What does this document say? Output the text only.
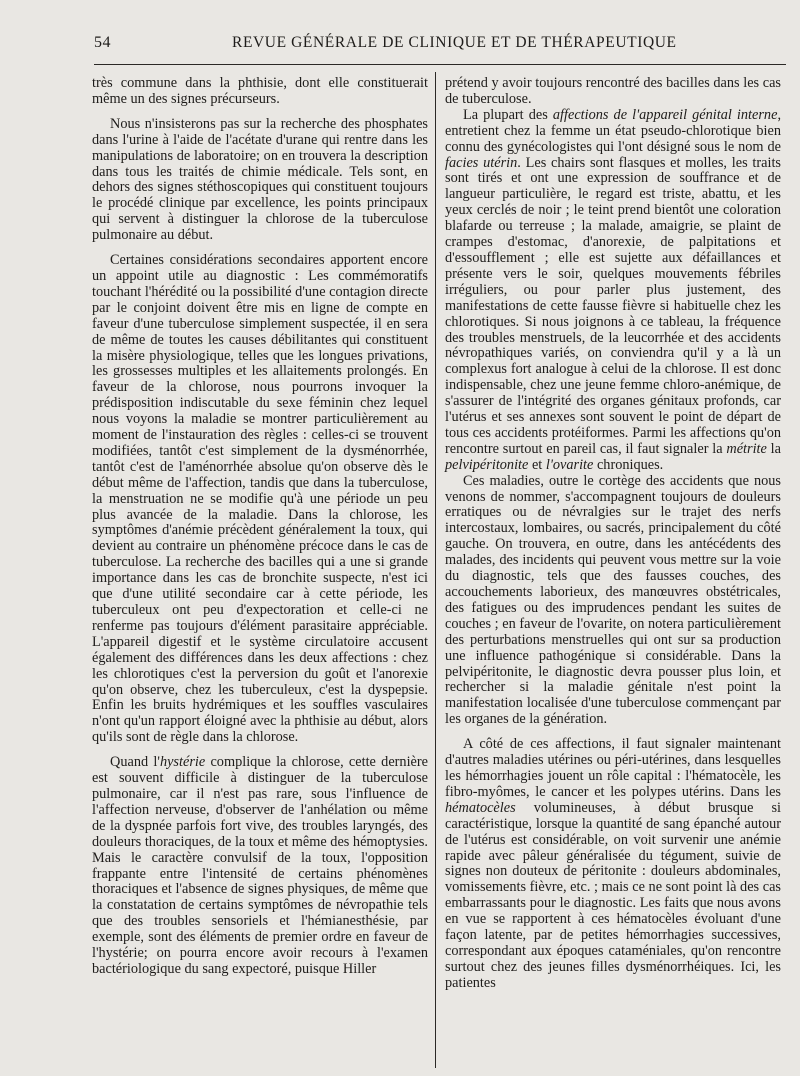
54	REVUE GÉNÉRALE DE CLINIQUE ET DE THÉRAPEUTIQUE

très commune dans la phthisie, dont elle constituerait même un des signes précurseurs.

Nous n'insisterons pas sur la recherche des phosphates dans l'urine à l'aide de l'acétate d'urane qui rentre dans les manipulations de laboratoire; on en trouvera la description dans tous les traités de chimie médicale. Tels sont, en dehors des signes stéthoscopiques qui constituent toujours le procédé clinique par excellence, les points principaux qui servent à distinguer la chlorose de la tuberculose pulmonaire au début.

Certaines considérations secondaires apportent encore un appoint utile au diagnostic : Les commémoratifs touchant l'hérédité ou la possibilité d'une contagion directe par le conjoint doivent être mis en ligne de compte en faveur d'une tuberculose simplement suspectée, il en sera de même de toutes les causes débilitantes qui constituent la misère physiologique, telles que les longues privations, les grossesses multiples et les allaitements prolongés. En faveur de la chlorose, nous pourrons invoquer la prédisposition indiscutable du sexe féminin chez lequel nous voyons la maladie se montrer particulièrement au moment de l'instauration des règles : celles-ci se trouvent modifiées, tantôt c'est simplement de la dysménorrhée, tantôt c'est de l'aménorrhée absolue qu'on observe dès le début même de l'affection, tandis que dans la tuberculose, la menstruation ne se modifie qu'à une période un peu plus avancée de la maladie. Dans la chlorose, les symptômes d'anémie précèdent généralement la toux, qui devient au contraire un phénomène précoce dans le cas de tuberculose. La recherche des bacilles qui a une si grande importance dans les cas de bronchite suspecte, n'est ici que d'une utilité secondaire car à cette période, les tuberculeux ont peu d'expectoration et celle-ci ne renferme pas toujours d'élément parasitaire appréciable. L'appareil digestif et le système circulatoire accusent également des différences dans les deux affections : chez les chlorotiques c'est la perversion du goût et l'anorexie qu'on observe, chez les tuberculeux, c'est la dyspepsie. Enfin les bruits hydrémiques et les souffles vasculaires n'ont qu'un rapport éloigné avec la phthisie au début, alors qu'ils sont de règle dans la chlorose.

Quand l'hystérie complique la chlorose, cette dernière est souvent difficile à distinguer de la tuberculose pulmonaire, car il n'est pas rare, sous l'influence de l'affection nerveuse, d'observer de l'anhélation ou même de la dyspnée parfois fort vive, des troubles laryngés, des douleurs thoraciques, de la toux et même des hémoptysies. Mais le caractère convulsif de la toux, l'opposition frappante entre l'intensité de certains phénomènes thoraciques et l'absence de signes physiques, de même que la constatation de certains symptômes de névropathie tels que des troubles sensoriels et l'hémianesthésie, par exemple, sont des éléments de premier ordre en faveur de l'hystérie; on pourra encore avoir recours à l'examen bactériologique du sang expectoré, puisque Hiller

prétend y avoir toujours rencontré des bacilles dans les cas de tuberculose.

La plupart des affections de l'appareil génital interne, entretient chez la femme un état pseudo-chlorotique bien connu des gynécologistes qui l'ont désigné sous le nom de facies utérin. Les chairs sont flasques et molles, les traits sont tirés et ont une expression de souffrance et de langueur particulière, le regard est triste, abattu, et les yeux cerclés de noir ; le teint prend bientôt une coloration blafarde ou terreuse ; la malade, amaigrie, se plaint de crampes d'estomac, d'anorexie, de palpitations et d'essoufflement ; elle est sujette aux défaillances et présente vers le soir, quelques mouvements fébriles irréguliers, ou pour parler plus justement, des manifestations de cette fausse fièvre si habituelle chez les chlorotiques. Si nous joignons à ce tableau, la fréquence des troubles menstruels, de la leucorrhée et des accidents névropathiques variés, on conviendra qu'il y a là un complexus fort analogue à celui de la chlorose. Il est donc indispensable, chez une jeune femme chloro-anémique, de s'assurer de l'intégrité des organes génitaux profonds, car l'utérus et ses annexes sont souvent le point de départ de tous ces accidents protéiformes. Parmi les affections qu'on rencontre surtout en pareil cas, il faut signaler la métrite la pelvipéritonite et l'ovarite chroniques.

Ces maladies, outre le cortège des accidents que nous venons de nommer, s'accompagnent toujours de douleurs erratiques ou de névralgies sur le trajet des nerfs intercostaux, lombaires, ou sacrés, principalement du côté gauche. On trouvera, en outre, dans les antécédents des malades, des incidents qui peuvent vous mettre sur la voie du diagnostic, tels que des fausses couches, des accouchements laborieux, des manœuvres obstétricales, des fatigues ou des imprudences pendant les suites de couches ; en faveur de l'ovarite, on notera particulièrement des perturbations menstruelles qui ont sur sa production une influence pathogénique si considérable. Dans la pelvipéritonite, le diagnostic devra pousser plus loin, et rechercher si la maladie génitale n'est point la manifestation localisée d'une tuberculose commençant par les organes de la génération.

A côté de ces affections, il faut signaler maintenant d'autres maladies utérines ou péri-utérines, dans lesquelles les hémorrhagies jouent un rôle capital : l'hématocèle, les fibro-myômes, le cancer et les polypes utérins. Dans les hématocèles volumineuses, à début brusque si caractéristique, lorsque la quantité de sang épanché autour de l'utérus est considérable, on voit survenir une anémie rapide avec pâleur généralisée du tégument, suivie de signes non douteux de péritonite : douleurs abdominales, vomissements fièvre, etc. ; mais ce ne sont point là des cas embarrassants pour le diagnostic. Les faits que nous avons en vue se rapportent à ces hématocèles évoluant d'une façon latente, par de petites hémorrhagies successives, correspondant aux époques cataméniales, qu'on rencontre surtout chez des jeunes filles dysménorrhéiques. Ici, les patientes
